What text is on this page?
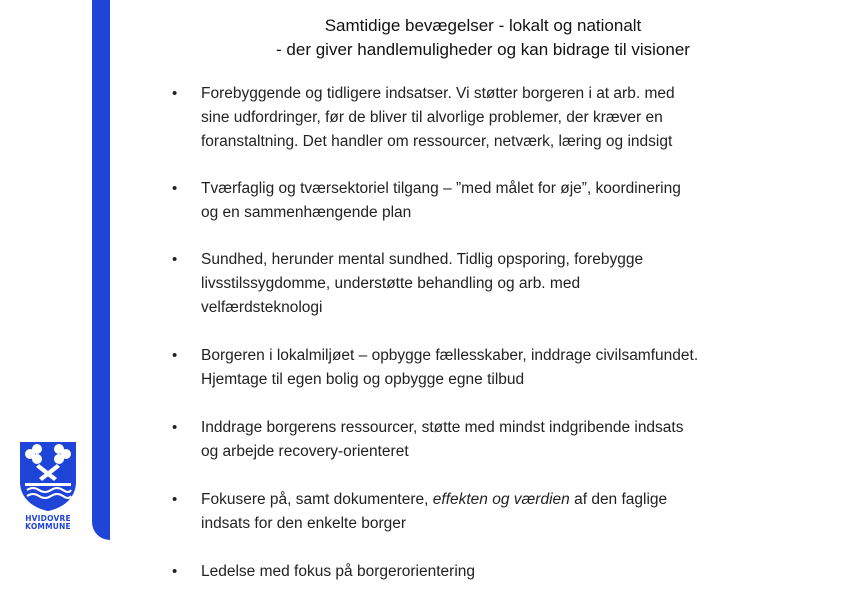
HVIDOVRE
KOMMUNE
Samtidige bevægelser - lokalt og nationalt
- der giver handlemuligheder og kan bidrage til visioner
•	Forebyggende og tidligere indsatser. Vi støtter borgeren i at arb. med
sine udfordringer, før de bliver til alvorlige problemer, der kræver en
foranstaltning. Det handler om ressourcer, netværk, læring og indsigt
•	Tværfaglig og tværsektoriel tilgang – ”med målet for øje”, koordinering
og en sammenhængende plan
•	Sundhed, herunder mental sundhed. Tidlig opsporing, forebygge
livsstilssygdomme, understøtte behandling og arb. med
velfærdsteknologi
•	Borgeren i lokalmiljøet – opbygge fællesskaber, inddrage civilsamfundet.
Hjemtage til egen bolig og opbygge egne tilbud
•	Inddrage borgerens ressourcer, støtte med mindst indgribende indsats
og arbejde recovery-orienteret
•	Fokusere på, samt dokumentere, effekten og værdien af den faglige
indsats for den enkelte borger
•	Ledelse med fokus på borgerorientering
